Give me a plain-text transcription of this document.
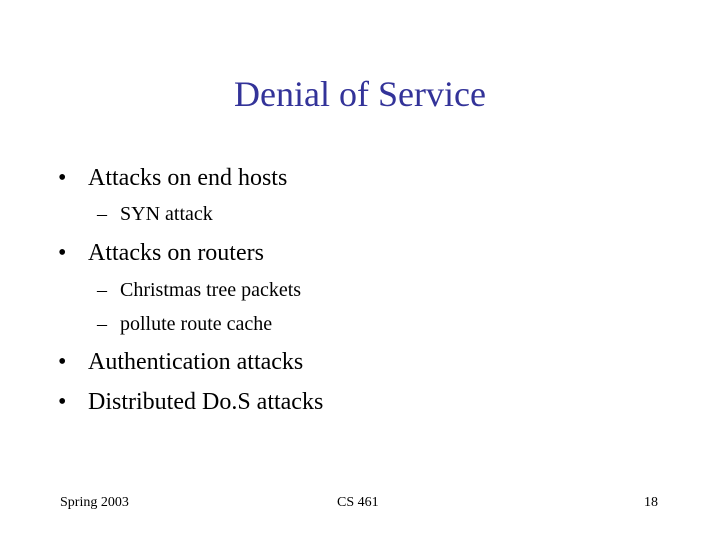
Denial of Service
• Attacks on end hosts
– SYN attack
• Attacks on routers
– Christmas tree packets
– pollute route cache
• Authentication attacks
• Distributed Do.S attacks
Spring 2003	CS 461	18
